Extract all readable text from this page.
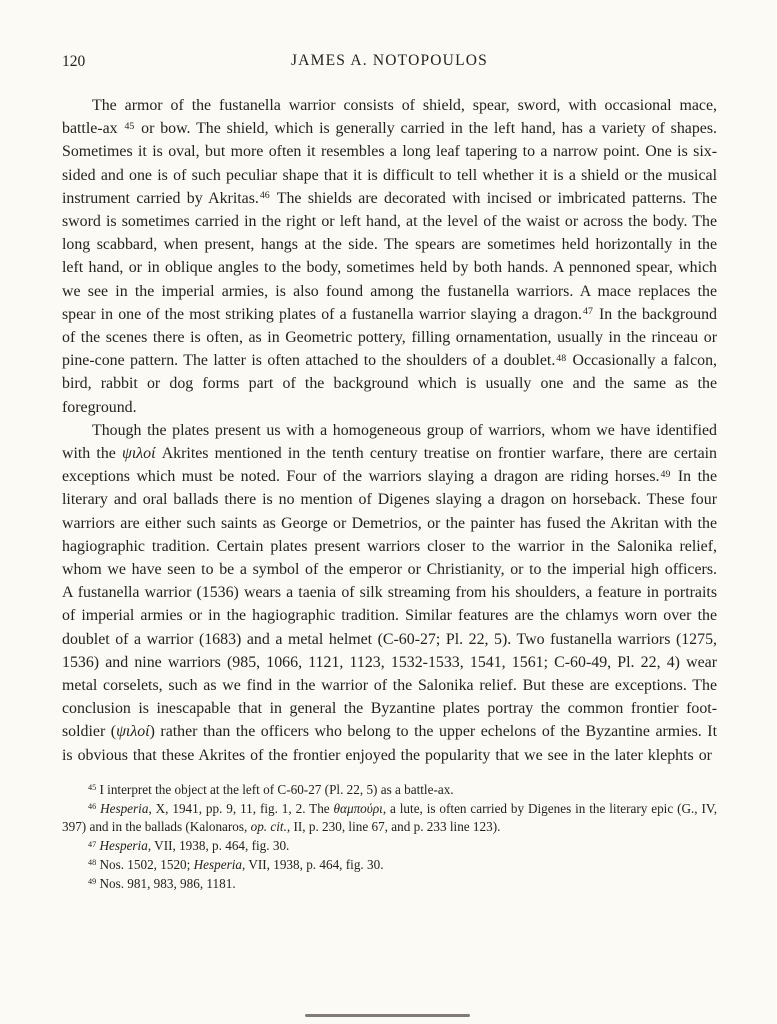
120	JAMES A. NOTOPOULOS

The armor of the fustanella warrior consists of shield, spear, sword, with occasional mace, battle-ax $^{45}$ or bow. The shield, which is generally carried in the left hand, has a variety of shapes. Sometimes it is oval, but more often it resembles a long leaf tapering to a narrow point. One is six-sided and one is of such peculiar shape that it is difficult to tell whether it is a shield or the musical instrument carried by Akritas.$^{46}$ The shields are decorated with incised or imbricated patterns. The sword is sometimes carried in the right or left hand, at the level of the waist or across the body. The long scabbard, when present, hangs at the side. The spears are sometimes held horizontally in the left hand, or in oblique angles to the body, sometimes held by both hands. A pennoned spear, which we see in the imperial armies, is also found among the fustanella warriors. A mace replaces the spear in one of the most striking plates of a fustanella warrior slaying a dragon.$^{47}$ In the background of the scenes there is often, as in Geometric pottery, filling ornamentation, usually in the rinceau or pine-cone pattern. The latter is often attached to the shoulders of a doublet.$^{48}$ Occasionally a falcon, bird, rabbit or dog forms part of the background which is usually one and the same as the foreground.

Though the plates present us with a homogeneous group of warriors, whom we have identified with the ψιλοί Akrites mentioned in the tenth century treatise on frontier warfare, there are certain exceptions which must be noted. Four of the warriors slaying a dragon are riding horses.$^{49}$ In the literary and oral ballads there is no mention of Digenes slaying a dragon on horseback. These four warriors are either such saints as George or Demetrios, or the painter has fused the Akritan with the hagiographic tradition. Certain plates present warriors closer to the warrior in the Salonika relief, whom we have seen to be a symbol of the emperor or Christianity, or to the imperial high officers. A fustanella warrior (1536) wears a taenia of silk streaming from his shoulders, a feature in portraits of imperial armies or in the hagiographic tradition. Similar features are the chlamys worn over the doublet of a warrior (1683) and a metal helmet (C-60-27; Pl. 22, 5). Two fustanella warriors (1275, 1536) and nine warriors (985, 1066, 1121, 1123, 1532-1533, 1541, 1561; C-60-49, Pl. 22, 4) wear metal corselets, such as we find in the warrior of the Salonika relief. But these are exceptions. The conclusion is inescapable that in general the Byzantine plates portray the common frontier foot-soldier (ψιλοί) rather than the officers who belong to the upper echelons of the Byzantine armies. It is obvious that these Akrites of the frontier enjoyed the popularity that we see in the later klephts or

$^{45}$ I interpret the object at the left of C-60-27 (Pl. 22, 5) as a battle-ax.

$^{46}$ Hesperia, X, 1941, pp. 9, 11, fig. 1, 2. The θαμπούρι, a lute, is often carried by Digenes in the literary epic (G., IV, 397) and in the ballads (Kalonaros, op. cit., II, p. 230, line 67, and p. 233 line 123).

$^{47}$ Hesperia, VII, 1938, p. 464, fig. 30.

$^{48}$ Nos. 1502, 1520; Hesperia, VII, 1938, p. 464, fig. 30.

$^{49}$ Nos. 981, 983, 986, 1181.
